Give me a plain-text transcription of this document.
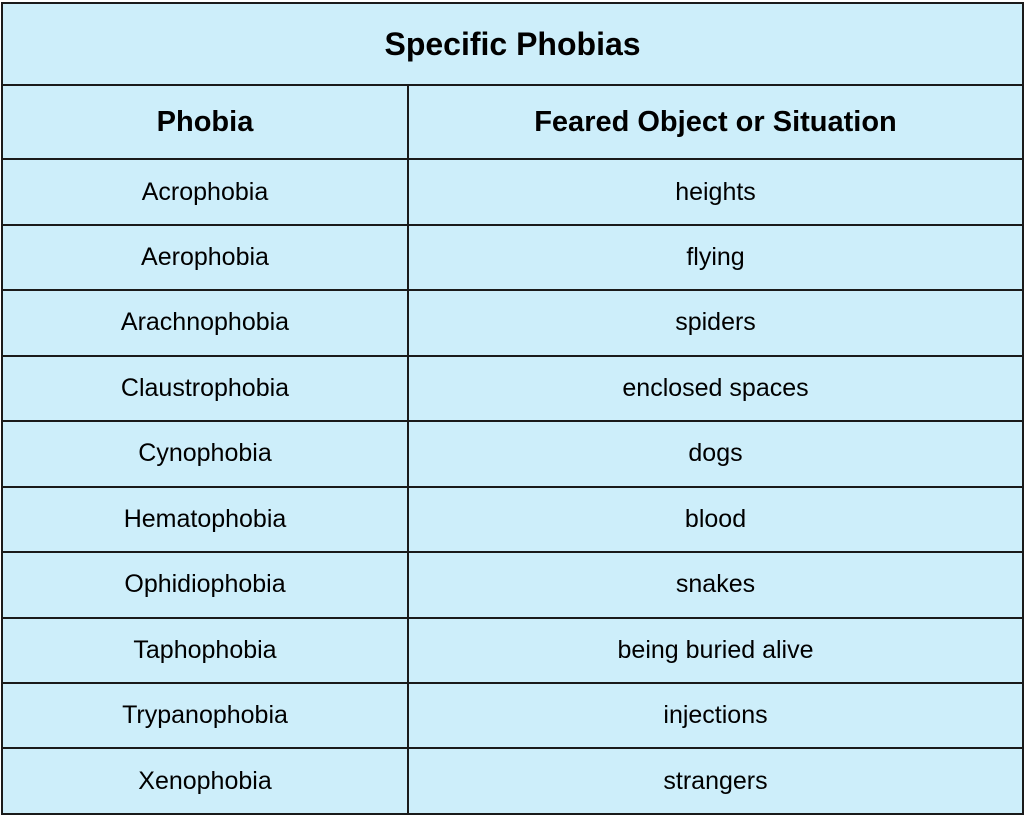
Specific Phobias	
Phobia	Feared Object or Situation
Acrophobia	heights
Aerophobia	flying
Arachnophobia	spiders
Claustrophobia	enclosed spaces
Cynophobia	dogs
Hematophobia	blood
Ophidiophobia	snakes
Taphophobia	being buried alive
Trypanophobia	injections
Xenophobia	strangers
